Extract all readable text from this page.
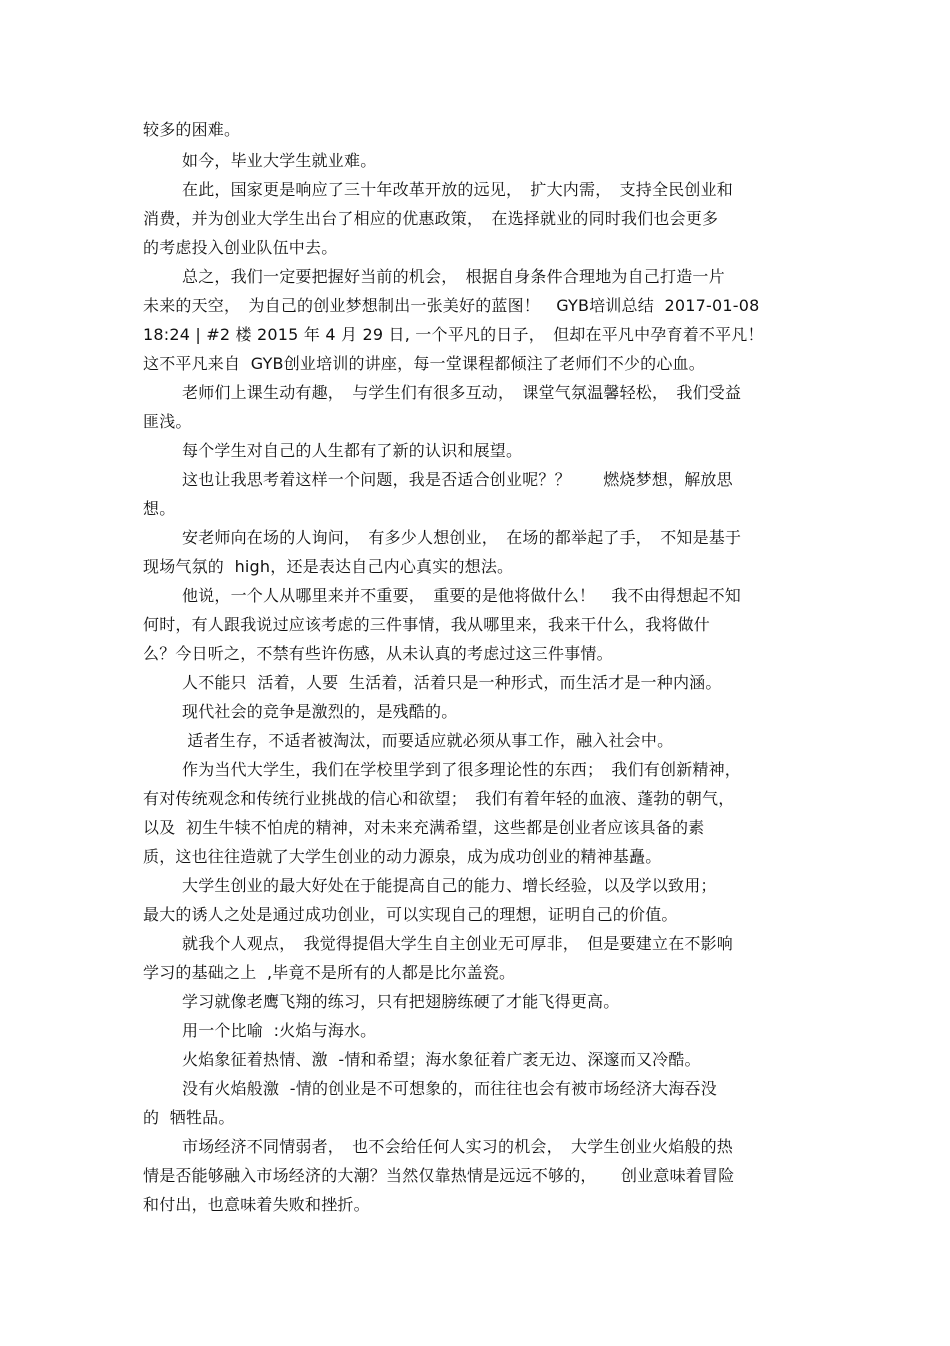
较多的困难。
如今，毕业大学生就业难。
在此，国家更是响应了三十年改革开放的远见，　扩大内需，　支持全民创业和
消费，并为创业大学生出台了相应的优惠政策，　在选择就业的同时我们也会更多
的考虑投入创业队伍中去。
总之，我们一定要把握好当前的机会，　根据自身条件合理地为自己打造一片
未来的天空，　为自己的创业梦想制出一张美好的蓝图！　GYB培训总结  2017-01-08
18:24 | #2 楼 2015 年 4 月 29 日, 一个平凡的日子，　但却在平凡中孕育着不平凡！
这不平凡来自  GYB创业培训的讲座，每一堂课程都倾注了老师们不少的心血。
老师们上课生动有趣，　与学生们有很多互动，　课堂气氛温馨轻松，　我们受益
匪浅。
每个学生对自己的人生都有了新的认识和展望。
这也让我思考着这样一个问题，我是否适合创业呢？？　　燃烧梦想，解放思
想。
安老师向在场的人询问，　有多少人想创业，　在场的都举起了手，　不知是基于
现场气氛的  high，还是表达自己内心真实的想法。
他说，一个人从哪里来并不重要，　重要的是他将做什么！　我不由得想起不知
何时，有人跟我说过应该考虑的三件事情，我从哪里来，我来干什么，我将做什
么？今日听之，不禁有些许伤感，从未认真的考虑过这三件事情。
人不能只  活着，人要  生活着，活着只是一种形式，而生活才是一种内涵。
现代社会的竞争是激烈的，是残酷的。
适者生存，不适者被淘汰，而要适应就必须从事工作，融入社会中。
作为当代大学生，我们在学校里学到了很多理论性的东西；　我们有创新精神，
有对传统观念和传统行业挑战的信心和欲望；　我们有着年轻的血液、蓬勃的朝气，
以及  初生牛犊不怕虎的精神，对未来充满希望，这些都是创业者应该具备的素
质，这也往往造就了大学生创业的动力源泉，成为成功创业的精神基矗。
大学生创业的最大好处在于能提高自己的能力、增长经验，以及学以致用；
最大的诱人之处是通过成功创业，可以实现自己的理想，证明自己的价值。
就我个人观点，　我觉得提倡大学生自主创业无可厚非，　但是要建立在不影响
学习的基础之上  ,毕竟不是所有的人都是比尔盖瓷。
学习就像老鹰飞翔的练习，只有把翅膀练硬了才能飞得更高。
用一个比喻  :火焰与海水。
火焰象征着热情、激  -情和希望；海水象征着广袤无边、深邃而又冷酷。
没有火焰般激  -情的创业是不可想象的，而往往也会有被市场经济大海吞没
的  牺牲品。
市场经济不同情弱者，　也不会给任何人实习的机会，　大学生创业火焰般的热
情是否能够融入市场经济的大潮？当然仅靠热情是远远不够的，　　创业意味着冒险
和付出，也意味着失败和挫折。
